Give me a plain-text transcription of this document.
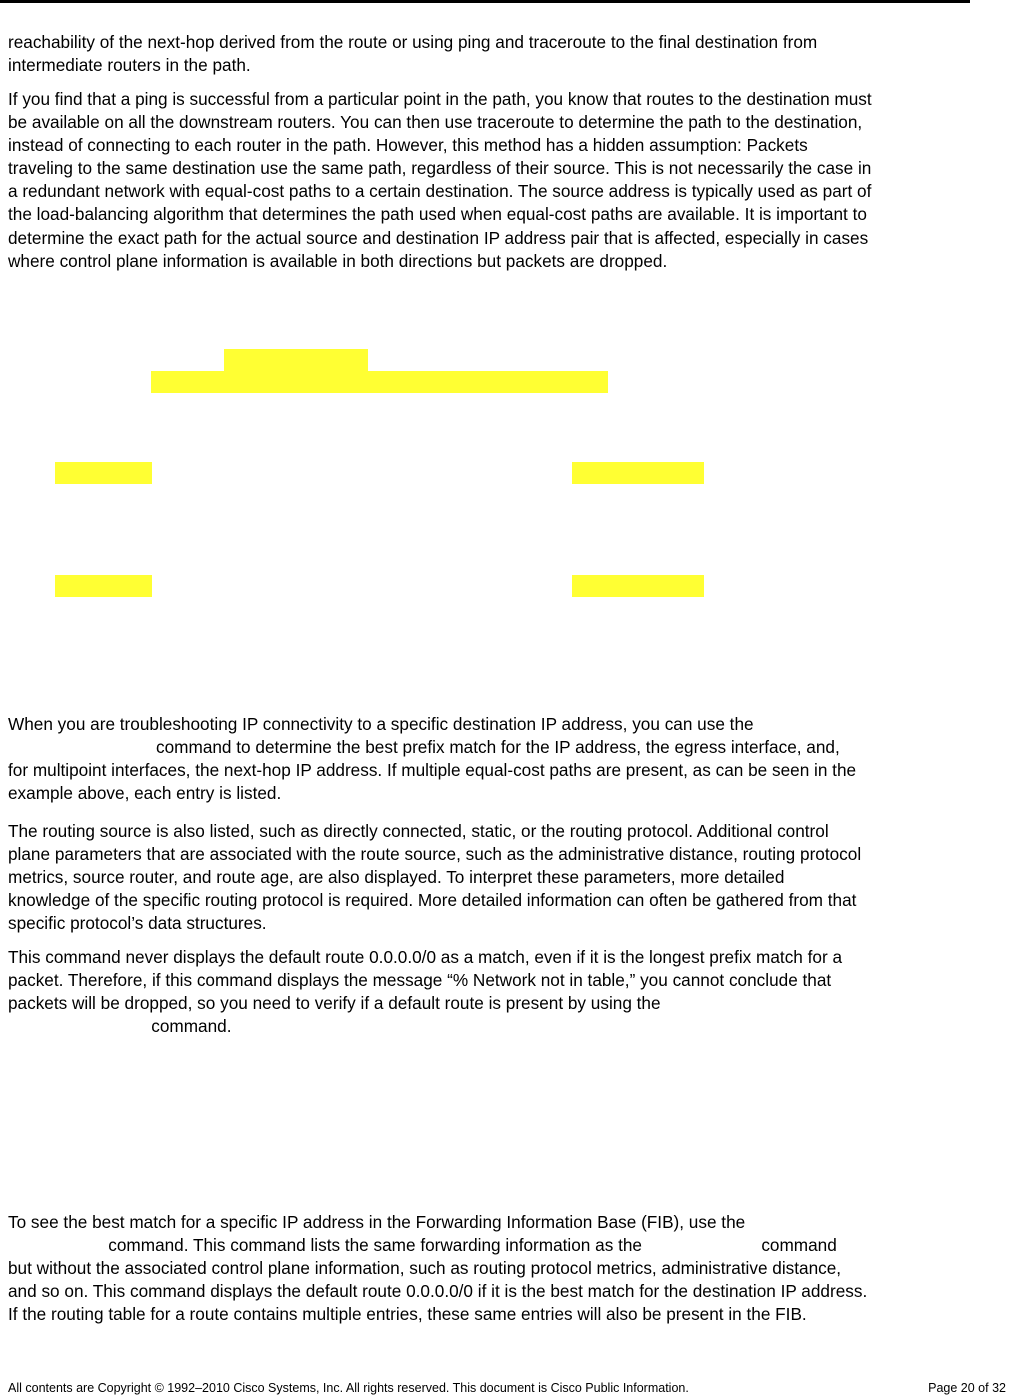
reachability of the next-hop derived from the route or using ping and traceroute to the final destination from
intermediate routers in the path.
If you find that a ping is successful from a particular point in the path, you know that routes to the destination must
be available on all the downstream routers. You can then use traceroute to determine the path to the destination,
instead of connecting to each router in the path. However, this method has a hidden assumption: Packets
traveling to the same destination use the same path, regardless of their source. This is not necessarily the case in
a redundant network with equal-cost paths to a certain destination. The source address is typically used as part of
the load-balancing algorithm that determines the path used when equal-cost paths are available. It is important to
determine the exact path for the actual source and destination IP address pair that is affected, especially in cases
where control plane information is available in both directions but packets are dropped.
When you are troubleshooting IP connectivity to a specific destination IP address, you can use the
command to determine the best prefix match for the IP address, the egress interface, and,
for multipoint interfaces, the next-hop IP address. If multiple equal-cost paths are present, as can be seen in the
example above, each entry is listed.
The routing source is also listed, such as directly connected, static, or the routing protocol. Additional control
plane parameters that are associated with the route source, such as the administrative distance, routing protocol
metrics, source router, and route age, are also displayed. To interpret these parameters, more detailed
knowledge of the specific routing protocol is required. More detailed information can often be gathered from that
specific protocol’s data structures.
This command never displays the default route 0.0.0.0/0 as a match, even if it is the longest prefix match for a
packet. Therefore, if this command displays the message “% Network not in table,” you cannot conclude that
packets will be dropped, so you need to verify if a default route is present by using the
command.
To see the best match for a specific IP address in the Forwarding Information Base (FIB), use the
command. This command lists the same forwarding information as the                         command
but without the associated control plane information, such as routing protocol metrics, administrative distance,
and so on. This command displays the default route 0.0.0.0/0 if it is the best match for the destination IP address.
If the routing table for a route contains multiple entries, these same entries will also be present in the FIB.
All contents are Copyright © 1992–2010 Cisco Systems, Inc. All rights reserved. This document is Cisco Public Information.	Page 20 of 32
